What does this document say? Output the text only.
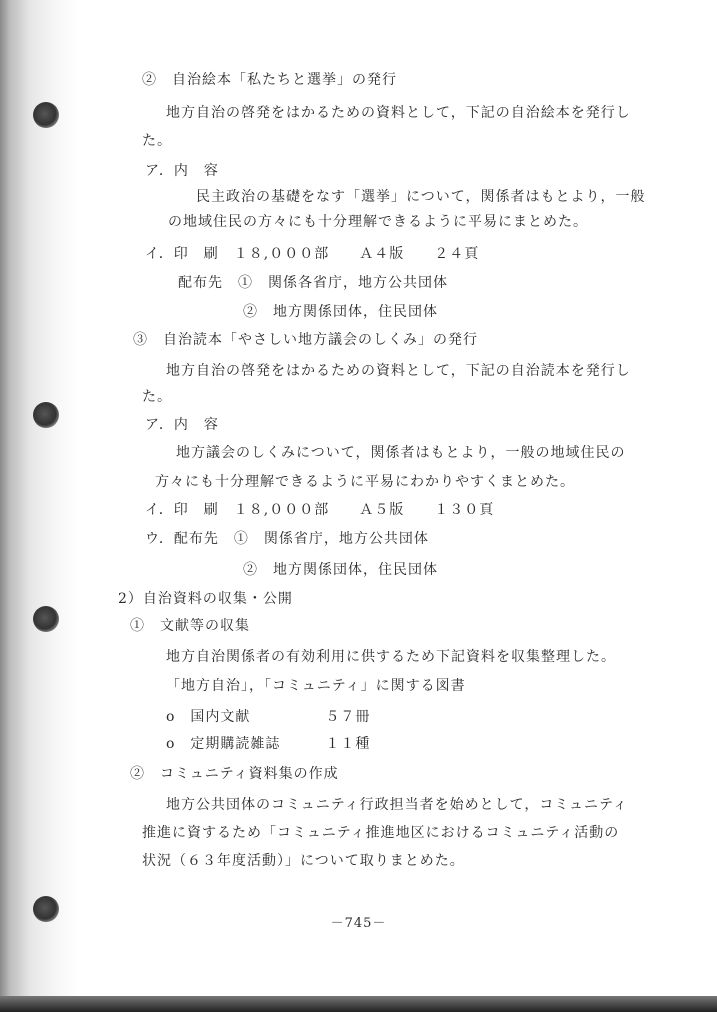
②　自治絵本「私たちと選挙」の発行
地方自治の啓発をはかるための資料として，下記の自治絵本を発行し
た。
ア．内　容
民主政治の基礎をなす「選挙」について，関係者はもとより，一般
の地域住民の方々にも十分理解できるように平易にまとめた。
イ．印　刷　１８,０００部　　Ａ４版　　２４頁
配布先　①　関係各省庁，地方公共団体
②　地方関係団体，住民団体
③　自治読本「やさしい地方議会のしくみ」の発行
地方自治の啓発をはかるための資料として，下記の自治読本を発行し
た。
ア．内　容
地方議会のしくみについて，関係者はもとより，一般の地域住民の
方々にも十分理解できるように平易にわかりやすくまとめた。
イ．印　刷　１８,０００部　　Ａ５版　　１３０頁
ウ．配布先　①　関係省庁，地方公共団体
②　地方関係団体，住民団体
2）自治資料の収集・公開
①　文献等の収集
地方自治関係者の有効利用に供するため下記資料を収集整理した。
「地方自治」，「コミュニティ」に関する図書
o　国内文献　　　　　５７冊
o　定期購読雑誌　　　１１種
②　コミュニティ資料集の作成
地方公共団体のコミュニティ行政担当者を始めとして，コミュニティ
推進に資するため「コミュニティ推進地区におけるコミュニティ活動の
状況（６３年度活動）」について取りまとめた。
－745－
